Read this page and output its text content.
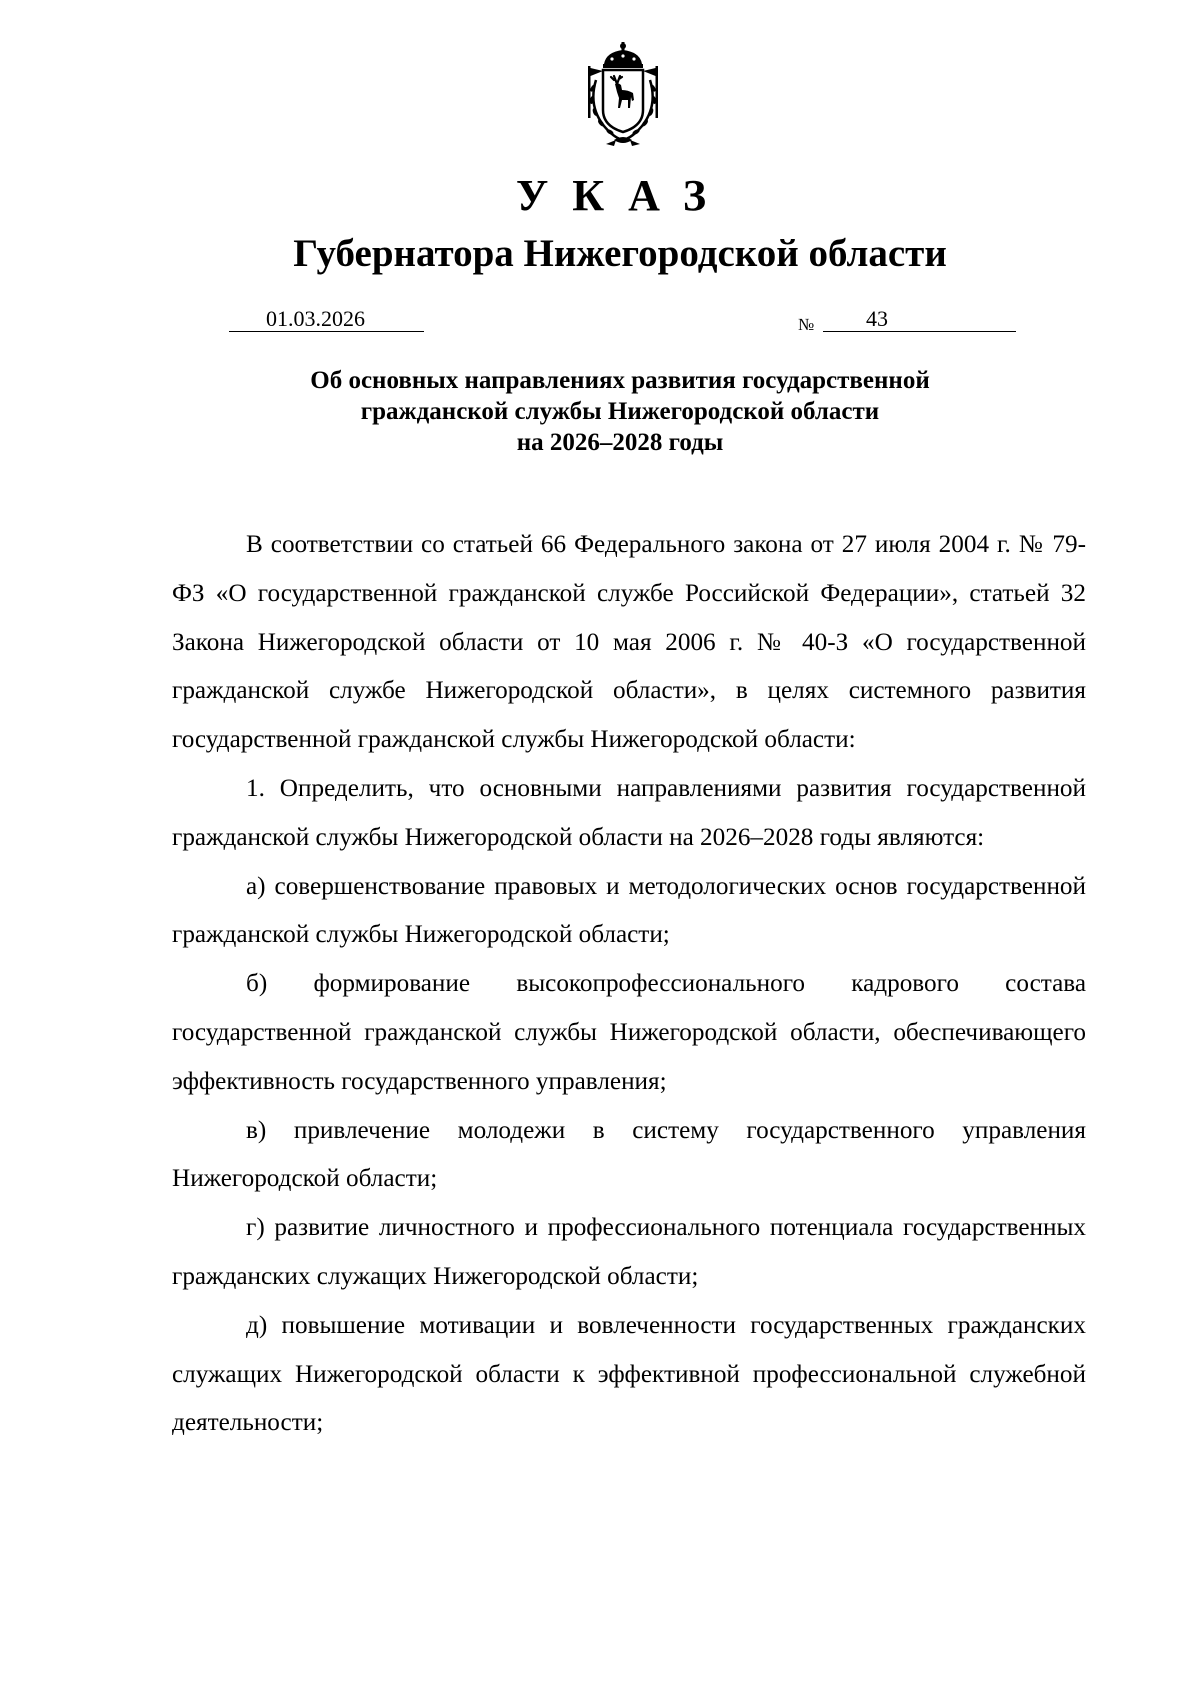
УКАЗ
Губернатора Нижегородской области
01.03.2026	№ 43
Об основных направлениях развития государственной
гражданской службы Нижегородской области
на 2026–2028 годы

В соответствии со статьей 66 Федерального закона от 27 июля 2004 г. № 79-ФЗ «О государственной гражданской службе Российской Федерации», статьей 32 Закона Нижегородской области от 10 мая 2006 г. № 40-З «О государственной гражданской службе Нижегородской области», в целях системного развития государственной гражданской службы Нижегородской области:

1. Определить, что основными направлениями развития государственной гражданской службы Нижегородской области на 2026–2028 годы являются:

а) совершенствование правовых и методологических основ государственной гражданской службы Нижегородской области;

б) формирование высокопрофессионального кадрового состава государственной гражданской службы Нижегородской области, обеспечивающего эффективность государственного управления;

в) привлечение молодежи в систему государственного управления Нижегородской области;

г) развитие личностного и профессионального потенциала государственных гражданских служащих Нижегородской области;

д) повышение мотивации и вовлеченности государственных гражданских служащих Нижегородской области к эффективной профессиональной служебной деятельности;
